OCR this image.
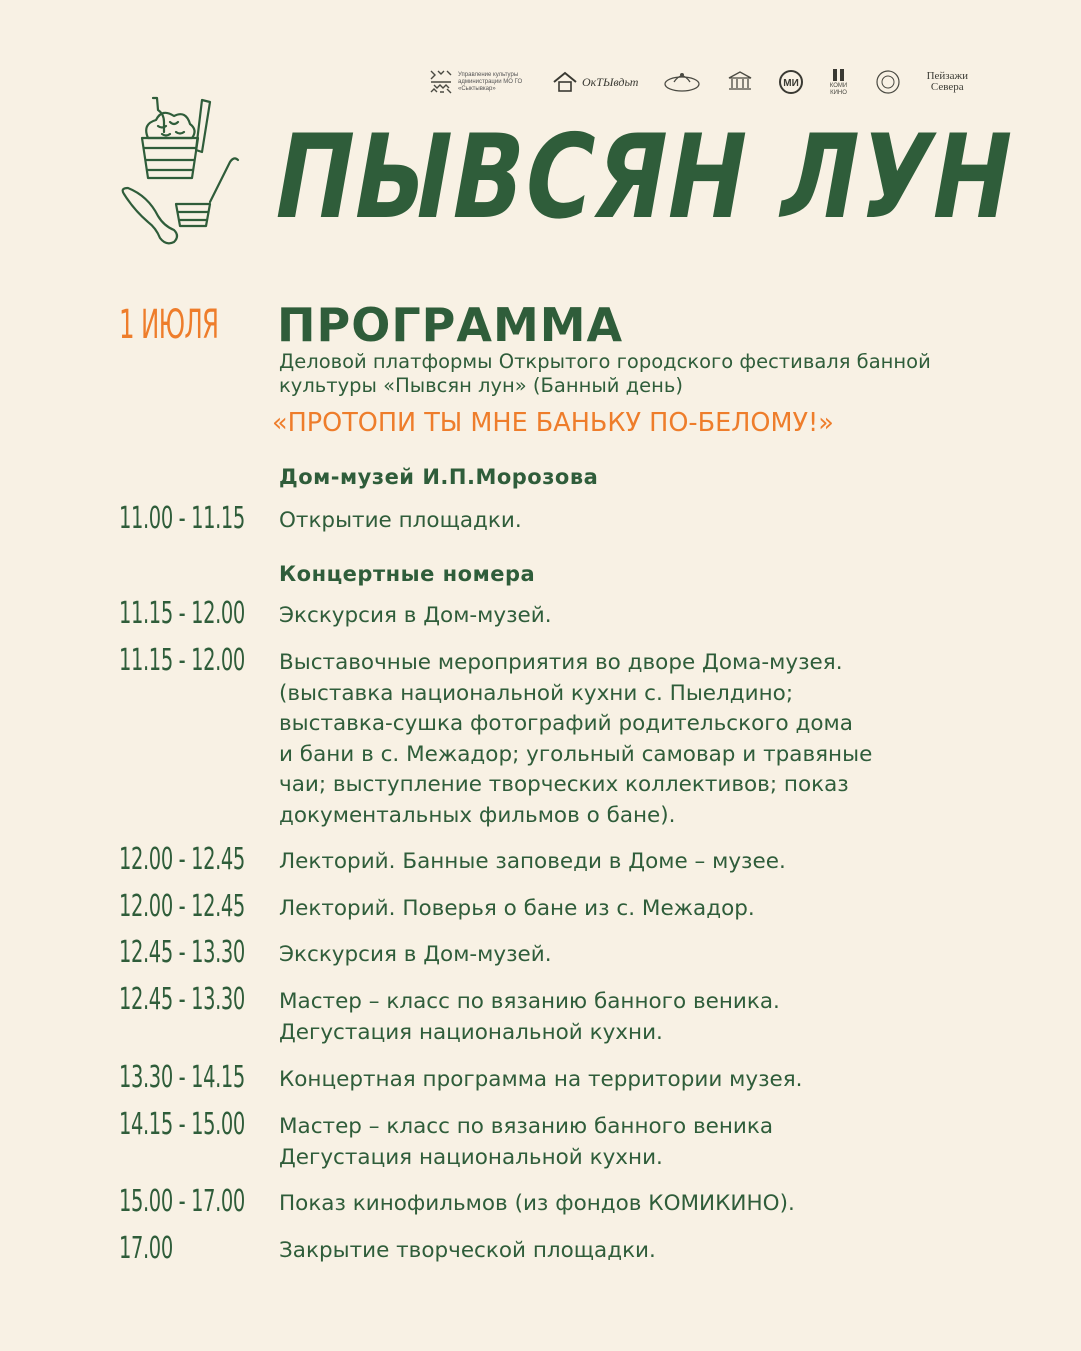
Управление культуры администрации МО ГО «Сыктывкар»	ОкТЫвдьт	МИ	КОМИ КИНО
Пейзажи
Севера
ПЫВСЯН ЛУН
1 ИЮЛЯ ПРОГРАММА
Деловой платформы Открытого городского фестиваля банной культуры «Пывсян лун» (Банный день)
«ПРОТОПИ ТЫ МНЕ БАНЬКУ ПО-БЕЛОМУ!»
Дом-музей И.П.Морозова
Концертные номера
11.00 - 11.15 Открытие площадки.
11.15 - 12.00 Экскурсия в Дом-музей.
11.15 - 12.00 Выставочные мероприятия во дворе Дома-музея.
(выставка национальной кухни с. Пыелдино;
выставка-сушка фотографий родительского дома
и бани в с. Межадор; угольный самовар и травяные
чаи; выступление творческих коллективов; показ
документальных фильмов о бане).
12.00 - 12.45 Лекторий. Банные заповеди в Доме – музее.
12.00 - 12.45 Лекторий. Поверья о бане из с. Межадор.
12.45 - 13.30 Экскурсия в Дом-музей.
12.45 - 13.30 Мастер – класс по вязанию банного веника.
Дегустация национальной кухни.
13.30 - 14.15 Концертная программа на территории музея.
14.15 - 15.00 Мастер – класс по вязанию банного веника
Дегустация национальной кухни.
15.00 - 17.00 Показ кинофильмов (из фондов КОМИКИНО).
17.00	Закрытие творческой площадки.
